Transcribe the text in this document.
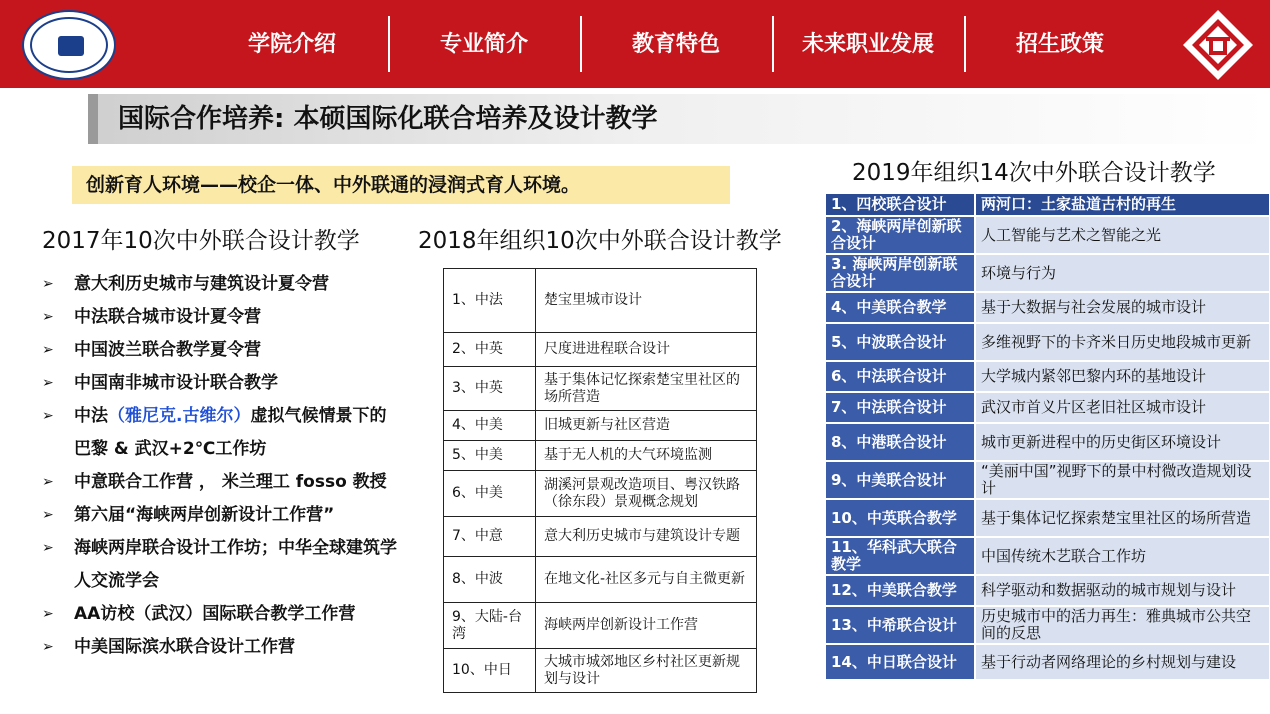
学院介绍	专业简介	教育特色	未来职业发展	招生政策
国际合作培养: 本硕国际化联合培养及设计教学
创新育人环境——校企一体、中外联通的浸润式育人环境。
2017年10次中外联合设计教学	2018年组织10次中外联合设计教学
2019年组织14次中外联合设计教学
➢ 意大利历史城市与建筑设计夏令营
➢ 中法联合城市设计夏令营
➢ 中国波兰联合教学夏令营
➢ 中国南非城市设计联合教学
➢ 中法（雅尼克.古维尔）虚拟气候情景下的巴黎 & 武汉+2℃工作坊
➢ 中意联合工作营 ， 米兰理工 fosso 教授
➢ 第六届“海峡两岸创新设计工作营”
➢ 海峡两岸联合设计工作坊；中华全球建筑学人交流学会
➢ AA访校（武汉）国际联合教学工作营
➢ 中美国际滨水联合设计工作营
1、中法	楚宝里城市设计
2、中英	尺度进进程联合设计
3、中英	基于集体记忆探索楚宝里社区的场所营造
4、中美	旧城更新与社区营造
5、中美	基于无人机的大气环境监测
6、中美	湖溪河景观改造项目、粤汉铁路（徐东段）景观概念规划
7、中意	意大利历史城市与建筑设计专题
8、中波	在地文化-社区多元与自主微更新
9、大陆-台湾	海峡两岸创新设计工作营
10、中日	大城市城郊地区乡村社区更新规划与设计
1、四校联合设计	两河口：土家盐道古村的再生
2、海峡两岸创新联合设计	人工智能与艺术之智能之光
3. 海峡两岸创新联合设计	环境与行为
4、中美联合教学	基于大数据与社会发展的城市设计
5、中波联合设计	多维视野下的卡齐米日历史地段城市更新
6、中法联合设计	大学城内紧邻巴黎内环的基地设计
7、中法联合设计	武汉市首义片区老旧社区城市设计
8、中港联合设计	城市更新进程中的历史街区环境设计
9、中美联合设计	“美丽中国”视野下的景中村微改造规划设计
10、中英联合教学	基于集体记忆探索楚宝里社区的场所营造
11、华科武大联合教学	中国传统木艺联合工作坊
12、中美联合教学	科学驱动和数据驱动的城市规划与设计
13、中希联合设计	历史城市中的活力再生：雅典城市公共空间的反思
14、中日联合设计	基于行动者网络理论的乡村规划与建设
